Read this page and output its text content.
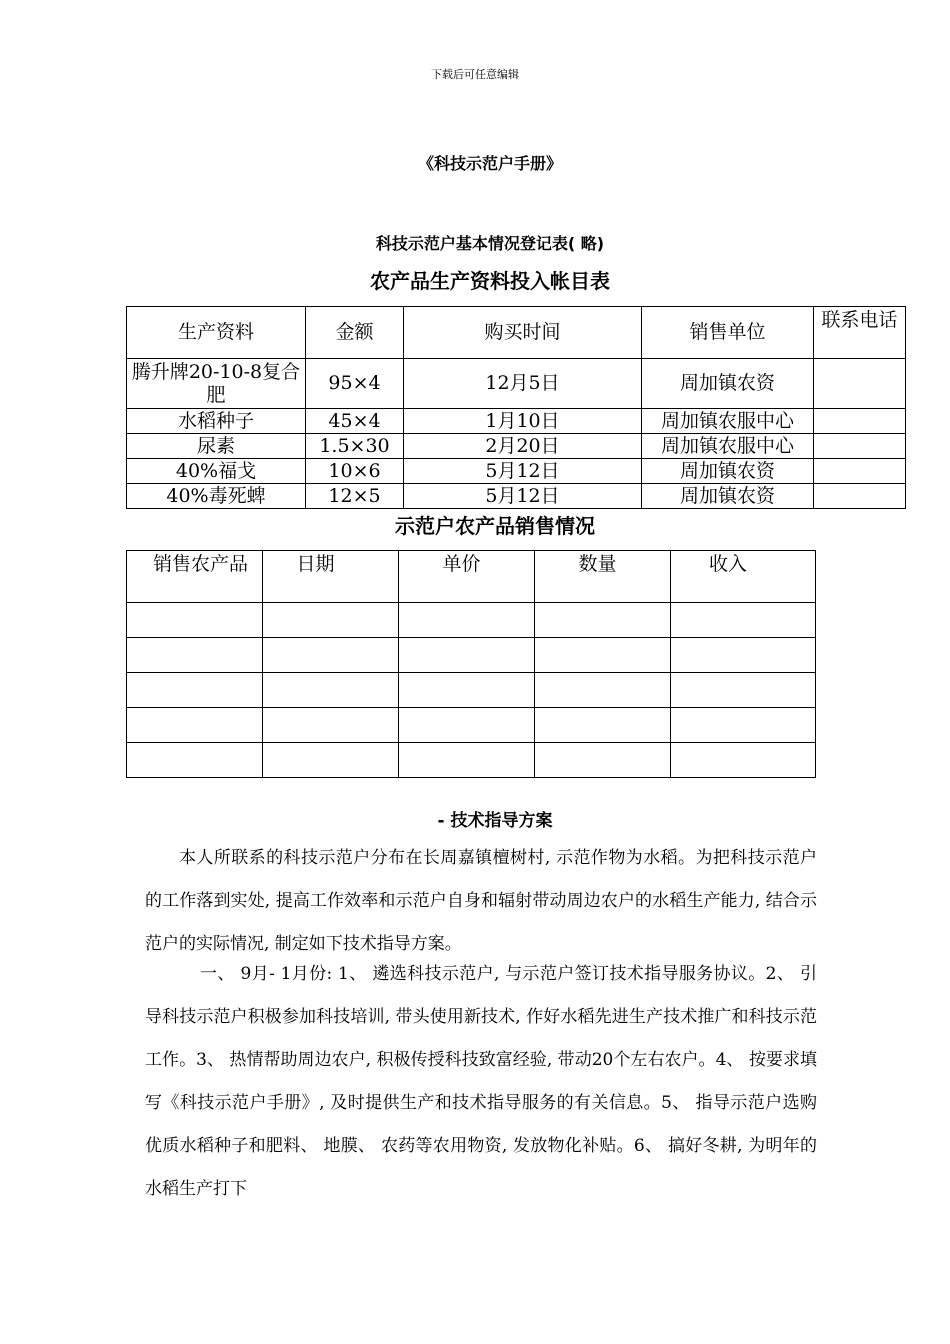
下载后可任意编辑
《科技示范户手册》
科技示范户基本情况登记表( 略)
农产品生产资料投入帐目表
生产资料	金额	购买时间	销售单位	联系电话
腾升牌20-10-8复合肥	95×4	12月5日	周加镇农资	
水稻种子	45×4	1月10日	周加镇农服中心	
尿素	1.5×30	2月20日	周加镇农服中心	
40%福戈	10×6	5月12日	周加镇农资	
40%毒死蜱	12×5	5月12日	周加镇农资	
示范户农产品销售情况
销售农产品	日期	单价	数量	收入

- 技术指导方案
本人所联系的科技示范户分布在长周嘉镇檀树村, 示范作物为水稻。为把科技示范户的工作落到实处, 提高工作效率和示范户自身和辐射带动周边农户的水稻生产能力, 结合示范户的实际情况, 制定如下技术指导方案。
一、 9月- 1月份: 1、 遴选科技示范户, 与示范户签订技术指导服务协议。2、 引导科技示范户积极参加科技培训, 带头使用新技术, 作好水稻先进生产技术推广和科技示范工作。3、 热情帮助周边农户, 积极传授科技致富经验, 带动20个左右农户。4、 按要求填写《科技示范户手册》, 及时提供生产和技术指导服务的有关信息。5、 指导示范户选购优质水稻种子和肥料、 地膜、 农药等农用物资, 发放物化补贴。6、 搞好冬耕, 为明年的水稻生产打下
